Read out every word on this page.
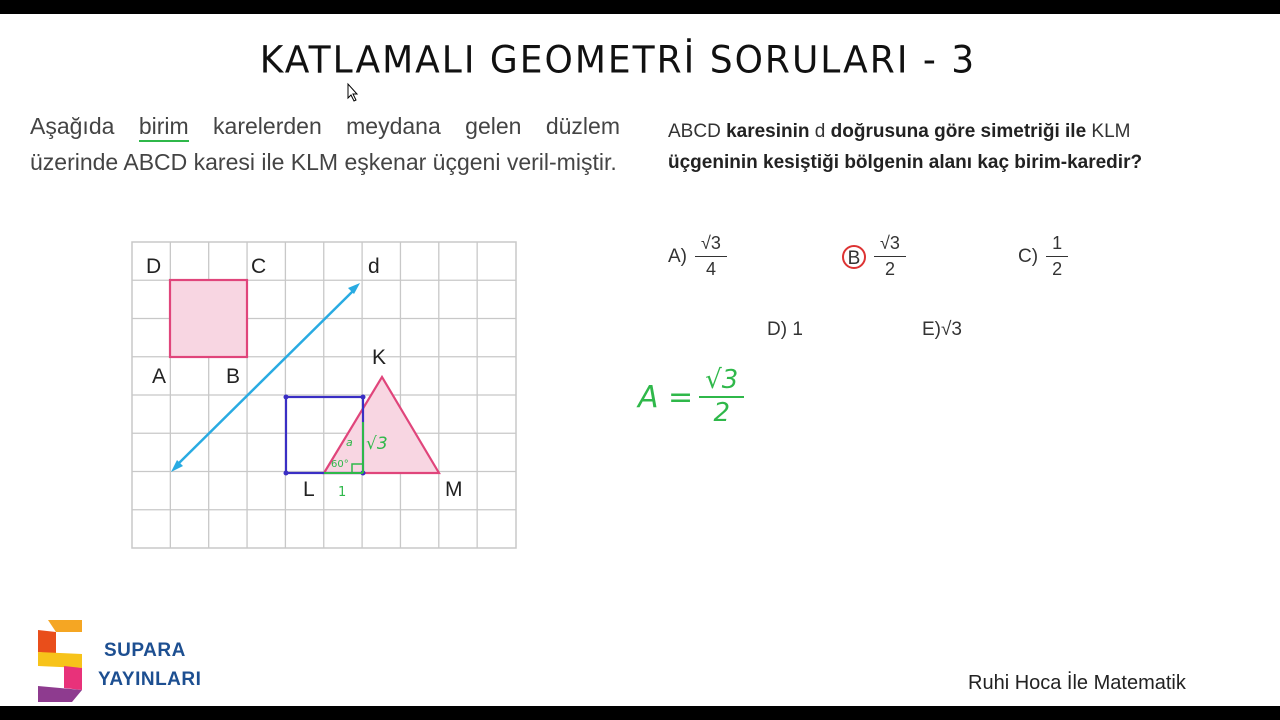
KATLAMALI GEOMETRİ SORULARI - 3
Aşağıda birim karelerden meydana gelen düzlem üzerinde ABCD karesi ile KLM eşkenar üçgeni veril-miştir.
ABCD karesinin d doğrusuna göre simetriği ile KLM üçgeninin kesiştiği bölgenin alanı kaç birim-karedir?
D	C	d
A	B
K
L	M
√3
1
60°
a
$A) \frac{√3}{4}$	B $\frac{√3}{2}$	$C) \frac{1}{2}$
D) 1	E) √3
$A = \frac{√3}{2}$
SUPARA
YAYINLARI	Ruhi Hoca İle Matematik
